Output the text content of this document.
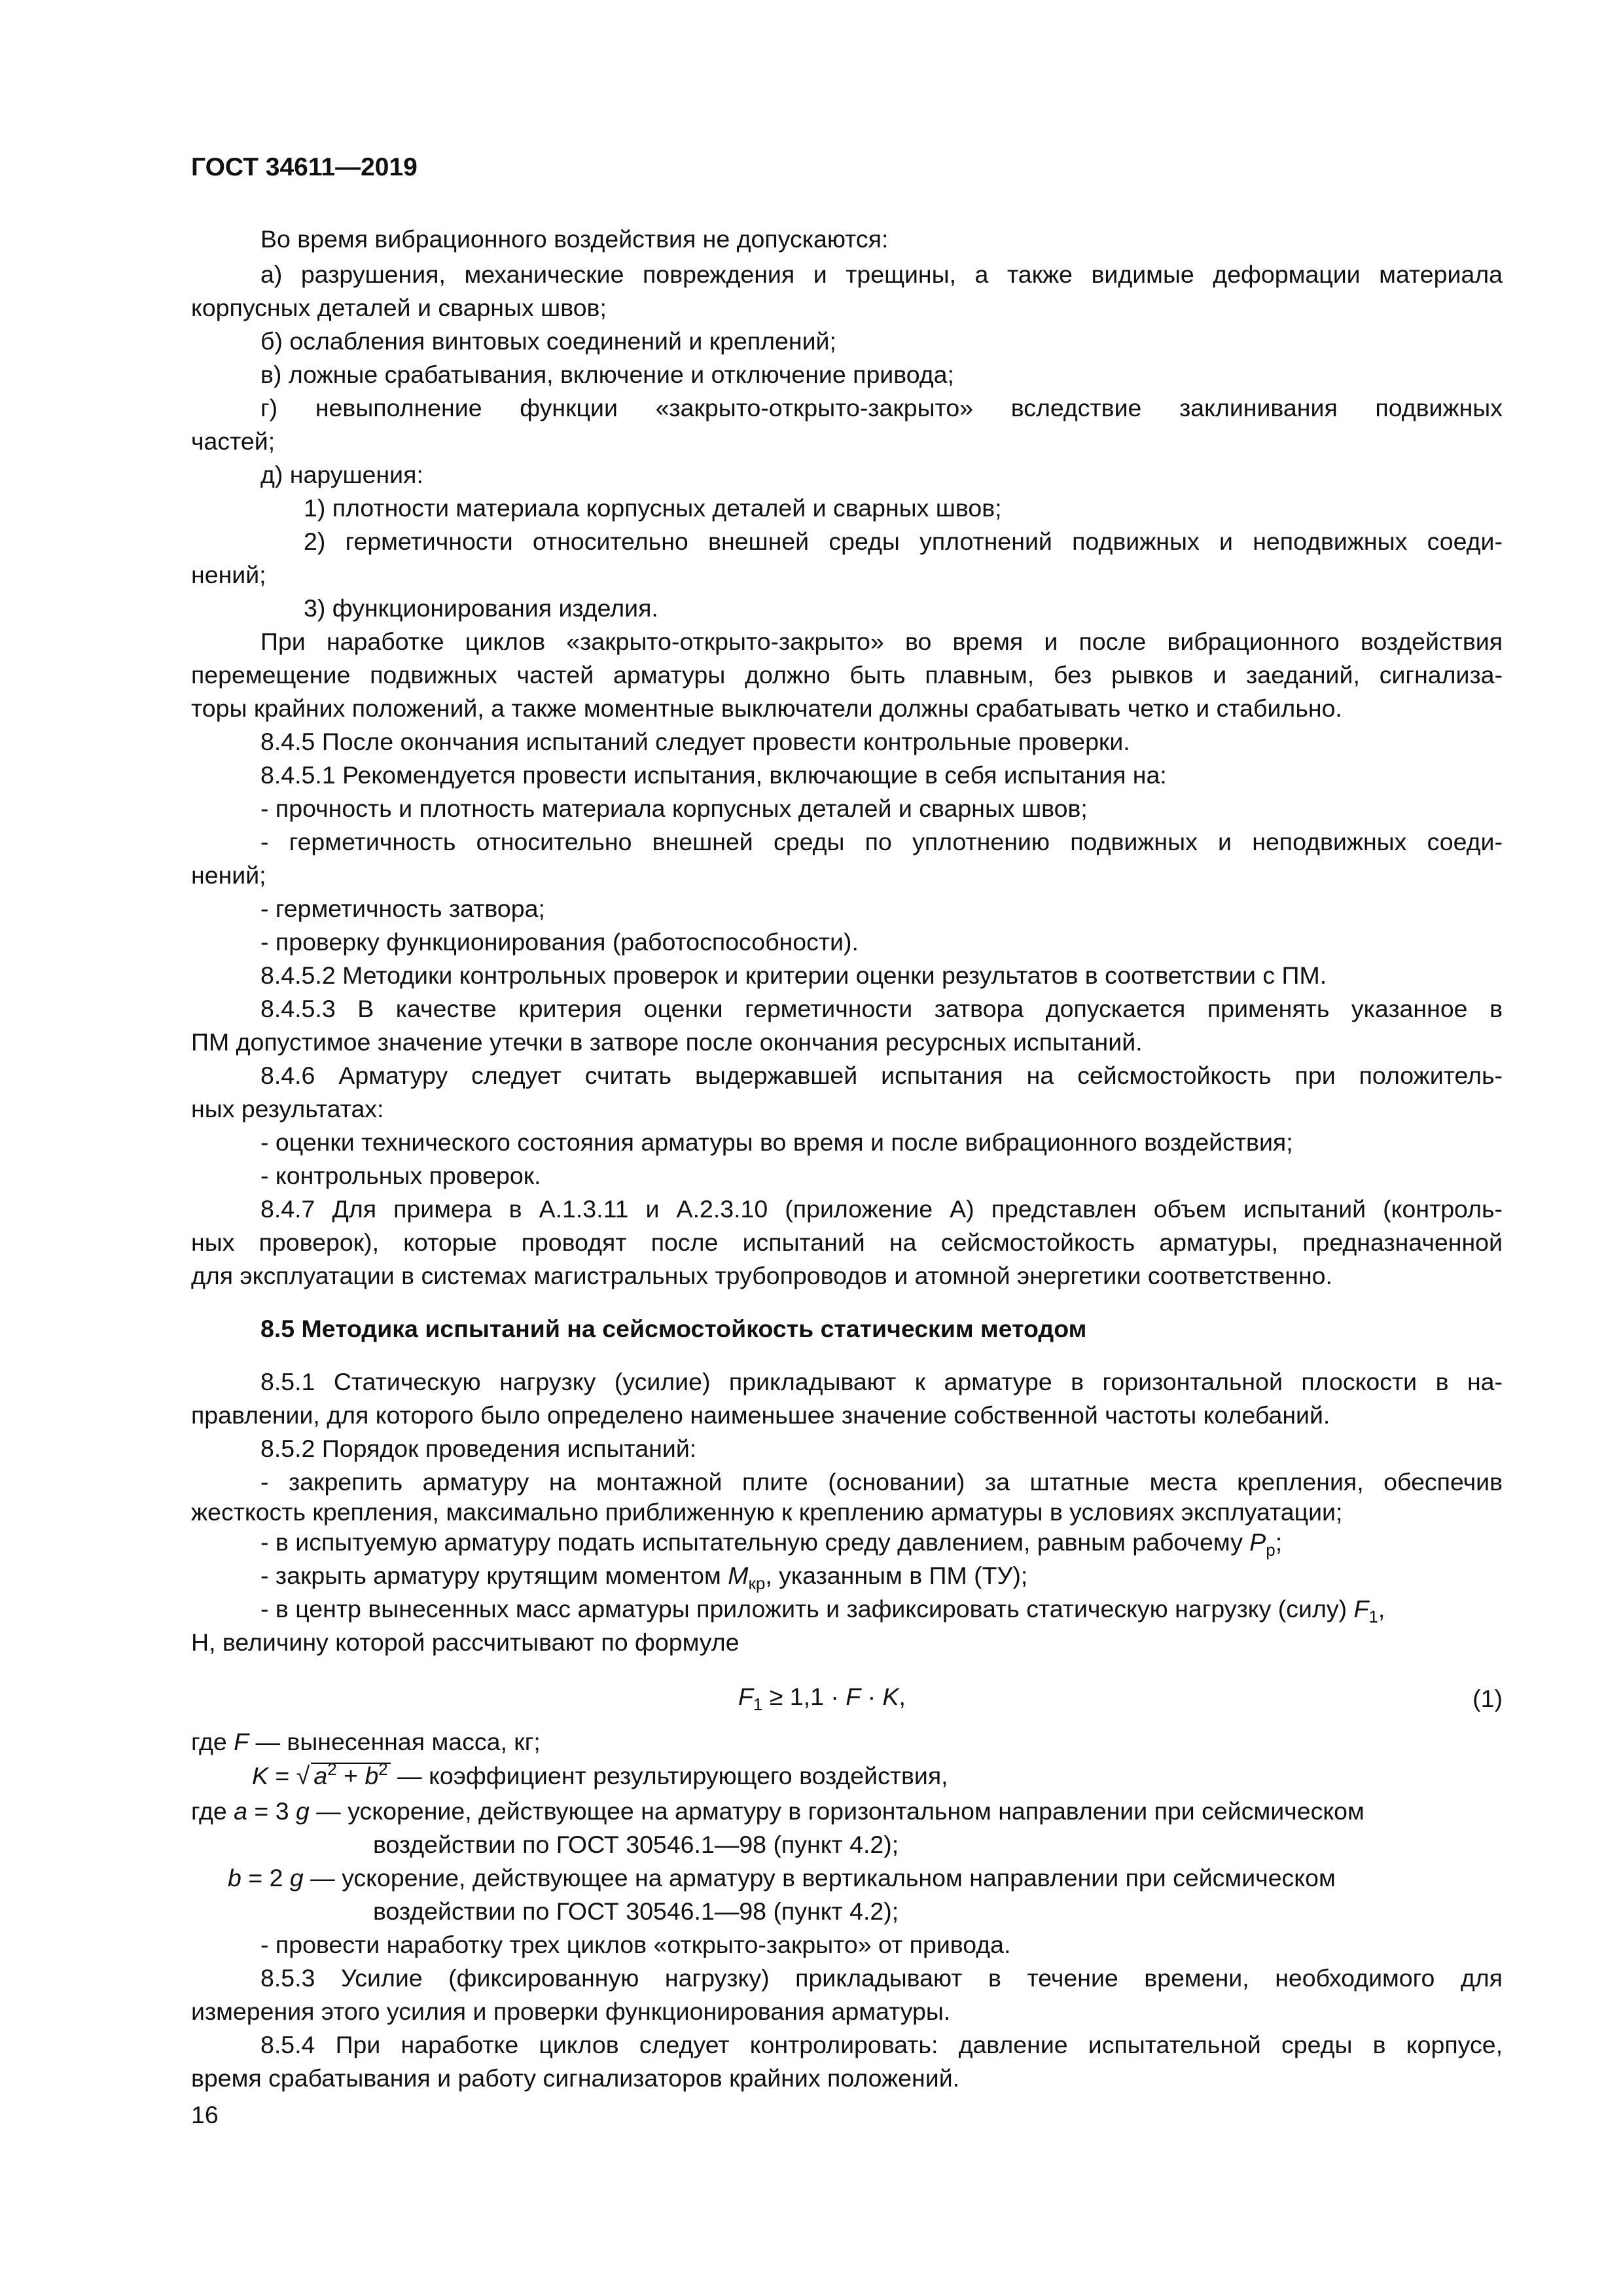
ГОСТ 34611—2019
Во время вибрационного воздействия не допускаются:
а) разрушения, механические повреждения и трещины, а также видимые деформации материала
корпусных деталей и сварных швов;
б) ослабления винтовых соединений и креплений;
в) ложные срабатывания, включение и отключение привода;
г) невыполнение функции «закрыто-открыто-закрыто» вследствие заклинивания подвижных
частей;
д) нарушения:
1) плотности материала корпусных деталей и сварных швов;
2) герметичности относительно внешней среды уплотнений подвижных и неподвижных соеди-
нений;
3) функционирования изделия.
При наработке циклов «закрыто-открыто-закрыто» во время и после вибрационного воздействия
перемещение подвижных частей арматуры должно быть плавным, без рывков и заеданий, сигнализа-
торы крайних положений, а также моментные выключатели должны срабатывать четко и стабильно.
8.4.5 После окончания испытаний следует провести контрольные проверки.
8.4.5.1 Рекомендуется провести испытания, включающие в себя испытания на:
- прочность и плотность материала корпусных деталей и сварных швов;
- герметичность относительно внешней среды по уплотнению подвижных и неподвижных соеди-
нений;
- герметичность затвора;
- проверку функционирования (работоспособности).
8.4.5.2 Методики контрольных проверок и критерии оценки результатов в соответствии с ПМ.
8.4.5.3 В качестве критерия оценки герметичности затвора допускается применять указанное в
ПМ допустимое значение утечки в затворе после окончания ресурсных испытаний.
8.4.6 Арматуру следует считать выдержавшей испытания на сейсмостойкость при положитель-
ных результатах:
- оценки технического состояния арматуры во время и после вибрационного воздействия;
- контрольных проверок.
8.4.7 Для примера в А.1.3.11 и А.2.3.10 (приложение А) представлен объем испытаний (контроль-
ных проверок), которые проводят после испытаний на сейсмостойкость арматуры, предназначенной
для эксплуатации в системах магистральных трубопроводов и атомной энергетики соответственно.
8.5 Методика испытаний на сейсмостойкость статическим методом
8.5.1 Статическую нагрузку (усилие) прикладывают к арматуре в горизонтальной плоскости в на-
правлении, для которого было определено наименьшее значение собственной частоты колебаний.
8.5.2 Порядок проведения испытаний:
- закрепить арматуру на монтажной плите (основании) за штатные места крепления, обеспечив
жесткость крепления, максимально приближенную к креплению арматуры в условиях эксплуатации;
- в испытуемую арматуру подать испытательную среду давлением, равным рабочему $P_р$;
- закрыть арматуру крутящим моментом $M_{кр}$, указанным в ПМ (ТУ);
- в центр вынесенных масс арматуры приложить и зафиксировать статическую нагрузку (силу) $F_1$,
Н, величину которой рассчитывают по формуле
$F_1 \ge 1,1 \cdot F \cdot K$,	(1)
где F — вынесенная масса, кг;
K = √ $a^2 + b^2$ — коэффициент результирующего воздействия,
где a = 3 g — ускорение, действующее на арматуру в горизонтальном направлении при сейсмическом
воздействии по ГОСТ 30546.1—98 (пункт 4.2);
b = 2 g — ускорение, действующее на арматуру в вертикальном направлении при сейсмическом
воздействии по ГОСТ 30546.1—98 (пункт 4.2);
- провести наработку трех циклов «открыто-закрыто» от привода.
8.5.3 Усилие (фиксированную нагрузку) прикладывают в течение времени, необходимого для
измерения этого усилия и проверки функционирования арматуры.
8.5.4 При наработке циклов следует контролировать: давление испытательной среды в корпусе,
время срабатывания и работу сигнализаторов крайних положений.
16
